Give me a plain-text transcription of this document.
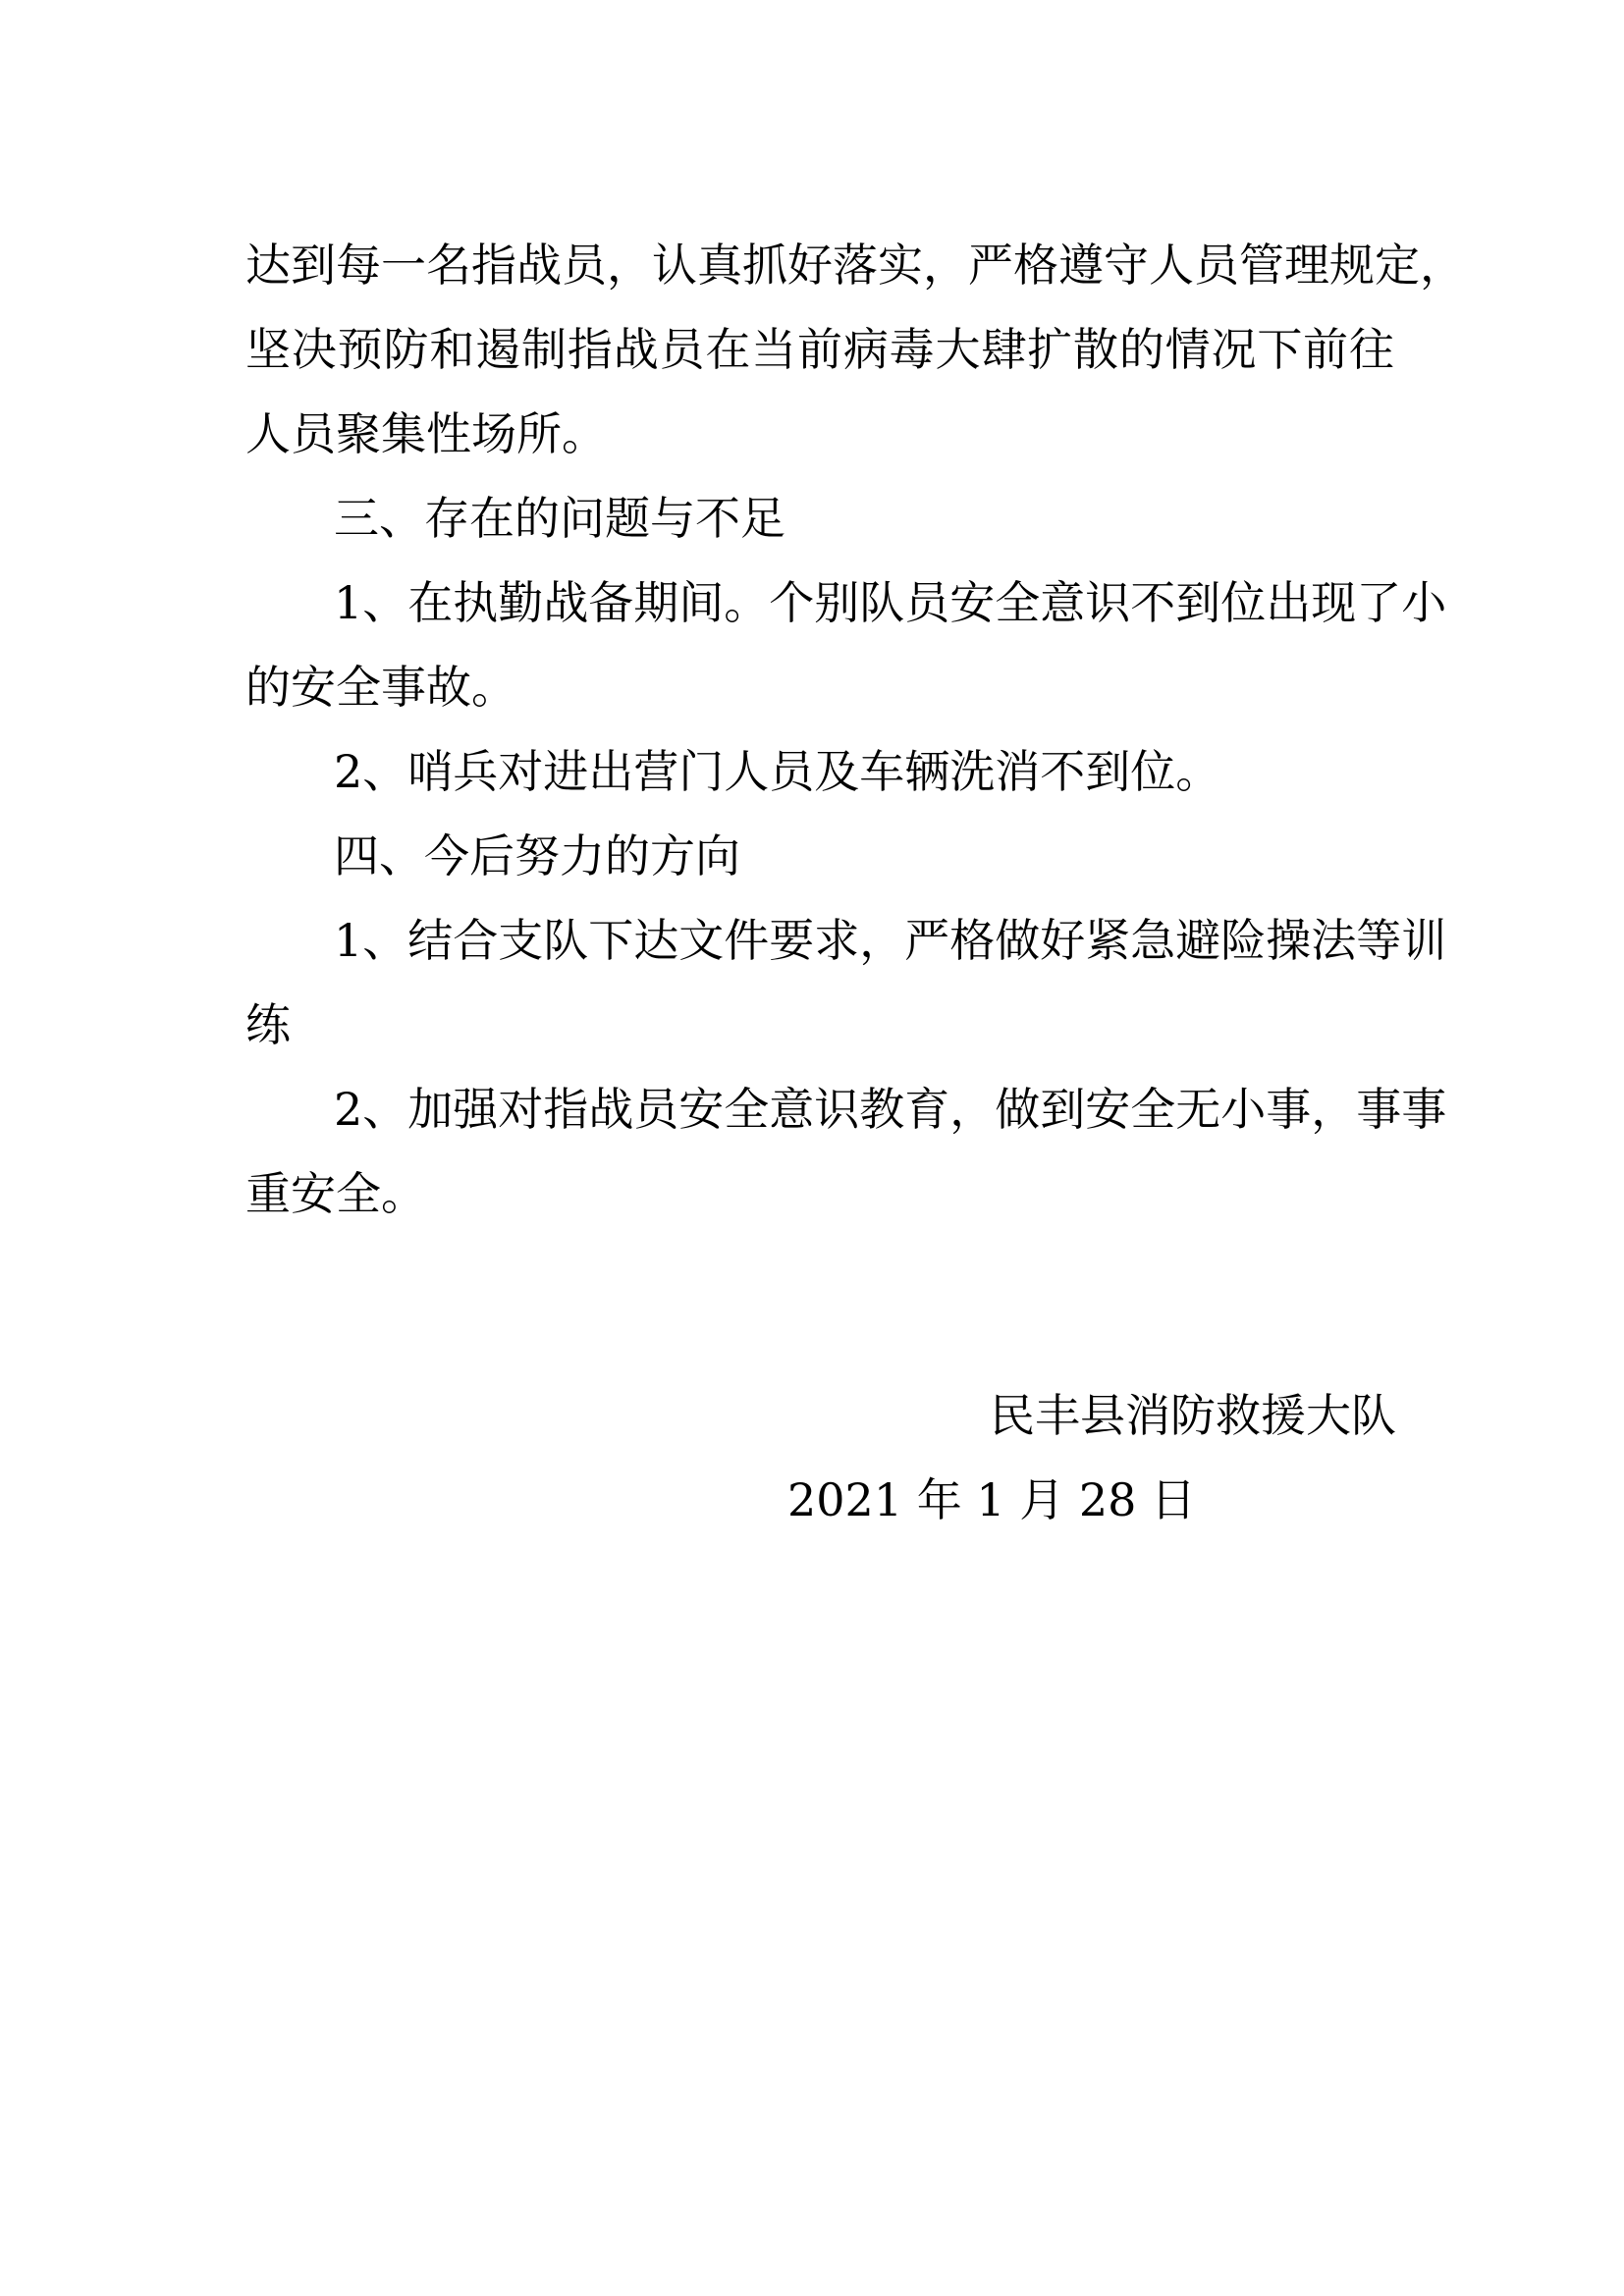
达到每一名指战员，认真抓好落实，严格遵守人员管理规定，
坚决预防和遏制指战员在当前病毒大肆扩散的情况下前往
人员聚集性场所。
三、存在的问题与不足
1、在执勤战备期间。个别队员安全意识不到位出现了小
的安全事故。
2、哨兵对进出营门人员及车辆洗消不到位。
四、今后努力的方向
1、结合支队下达文件要求，严格做好紧急避险操法等训
练
2、加强对指战员安全意识教育，做到安全无小事，事事
重安全。
民丰县消防救援大队
2021 年 1 月 28 日
